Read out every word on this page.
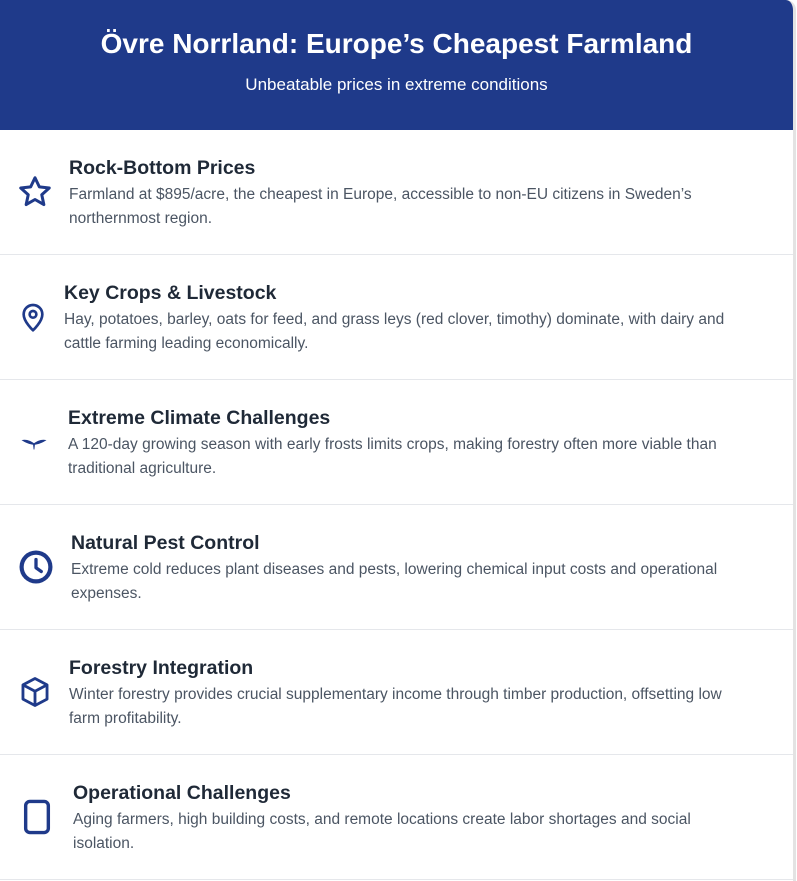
Övre Norrland: Europe’s Cheapest Farmland
Unbeatable prices in extreme conditions
Rock-Bottom Prices

Farmland at $895/acre, the cheapest in Europe, accessible to non-EU citizens in Sweden’s northernmost region.

Key Crops & Livestock

Hay, potatoes, barley, oats for feed, and grass leys (red clover, timothy) dominate, with dairy and cattle farming leading economically.

Extreme Climate Challenges

A 120-day growing season with early frosts limits crops, making forestry often more viable than traditional agriculture.

Natural Pest Control

Extreme cold reduces plant diseases and pests, lowering chemical input costs and operational expenses.

Forestry Integration

Winter forestry provides crucial supplementary income through timber production, offsetting low farm profitability.

Operational Challenges

Aging farmers, high building costs, and remote locations create labor shortages and social isolation.
